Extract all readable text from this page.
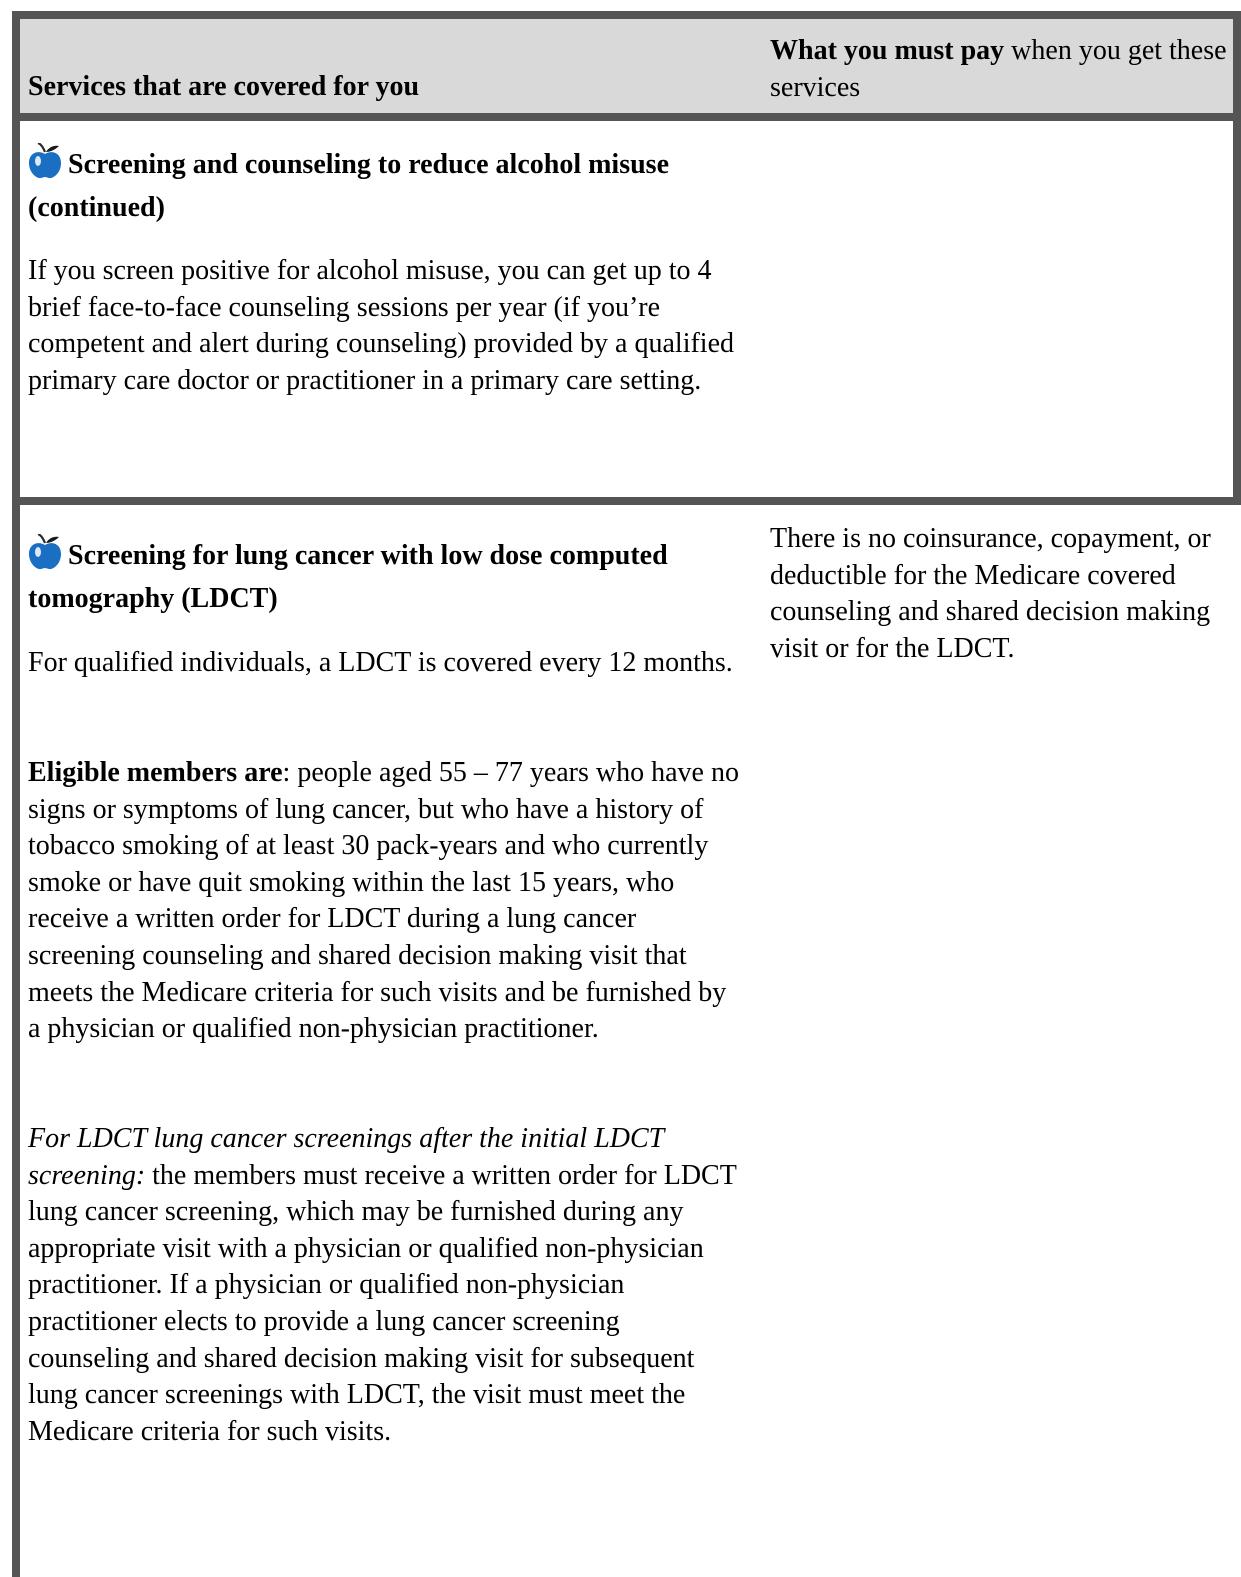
Services that are covered for you
What you must pay when you get these services
Screening and counseling to reduce alcohol misuse (continued)
If you screen positive for alcohol misuse, you can get up to 4 brief face-to-face counseling sessions per year (if you’re competent and alert during counseling) provided by a qualified primary care doctor or practitioner in a primary care setting.
Screening for lung cancer with low dose computed tomography (LDCT)
For qualified individuals, a LDCT is covered every 12 months.
Eligible members are: people aged 55 – 77 years who have no signs or symptoms of lung cancer, but who have a history of tobacco smoking of at least 30 pack-years and who currently smoke or have quit smoking within the last 15 years, who receive a written order for LDCT during a lung cancer screening counseling and shared decision making visit that meets the Medicare criteria for such visits and be furnished by a physician or qualified non-physician practitioner.
For LDCT lung cancer screenings after the initial LDCT screening: the members must receive a written order for LDCT lung cancer screening, which may be furnished during any appropriate visit with a physician or qualified non-physician practitioner. If a physician or qualified non-physician practitioner elects to provide a lung cancer screening counseling and shared decision making visit for subsequent lung cancer screenings with LDCT, the visit must meet the Medicare criteria for such visits.
There is no coinsurance, copayment, or deductible for the Medicare covered counseling and shared decision making visit or for the LDCT.
